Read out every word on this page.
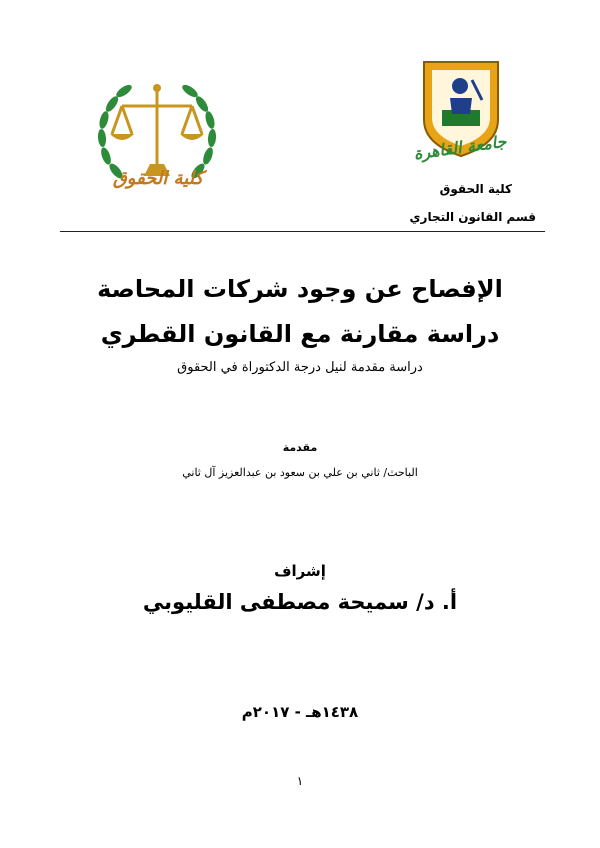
كلية الحقوق
جامعة القاهرة
كلية الحقوق
قسم القانون التجاري
الإفصاح عن وجود شركات المحاصة
دراسة مقارنة مع القانون القطري
دراسة مقدمة لنيل درجة الدكتوراة في الحقوق
مقدمة
الباحث/ ثاني بن علي بن سعود بن عبدالعزيز آل ثاني
إشراف
أ. د/ سميحة مصطفى القليوبي
١٤٣٨هـ - ٢٠١٧م
١
